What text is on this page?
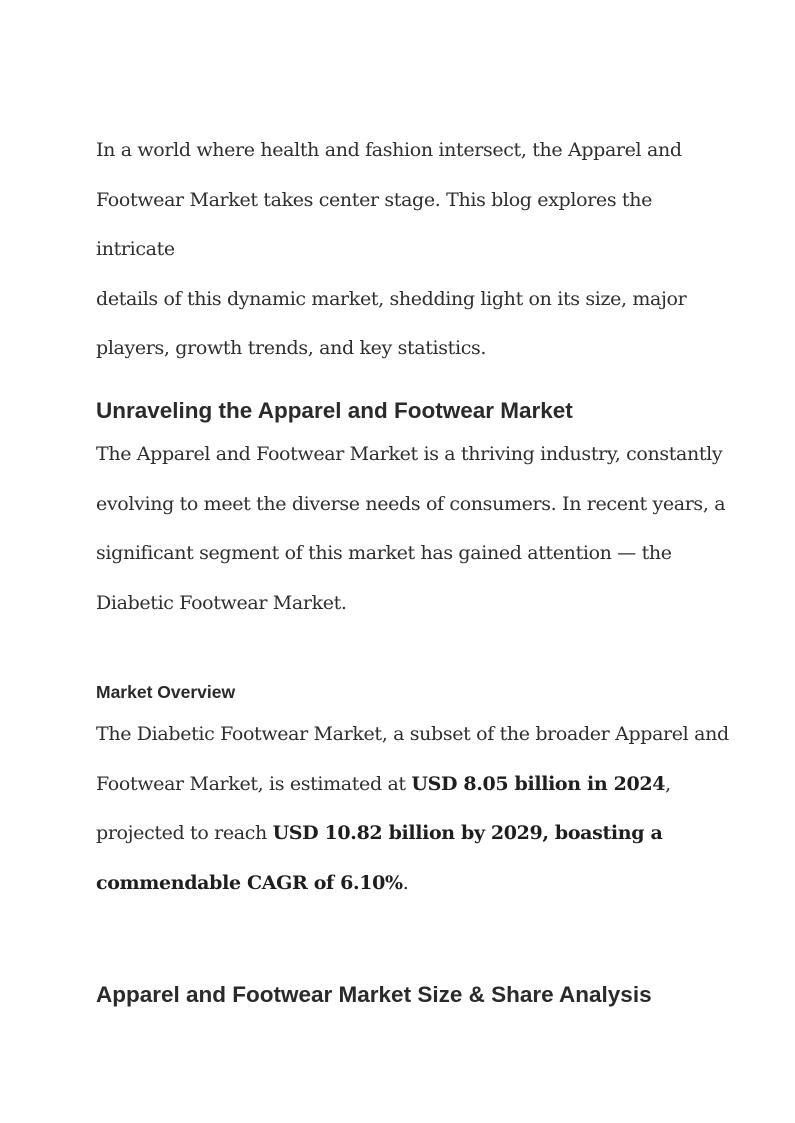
In a world where health and fashion intersect, the Apparel and

Footwear Market takes center stage. This blog explores the intricate

details of this dynamic market, shedding light on its size, major

players, growth trends, and key statistics.

Unraveling the Apparel and Footwear Market

The Apparel and Footwear Market is a thriving industry, constantly

evolving to meet the diverse needs of consumers. In recent years, a

significant segment of this market has gained attention — the

Diabetic Footwear Market.

Market Overview

The Diabetic Footwear Market, a subset of the broader Apparel and

Footwear Market, is estimated at USD 8.05 billion in 2024,

projected to reach USD 10.82 billion by 2029, boasting a

commendable CAGR of 6.10%.

Apparel and Footwear Market Size & Share Analysis
